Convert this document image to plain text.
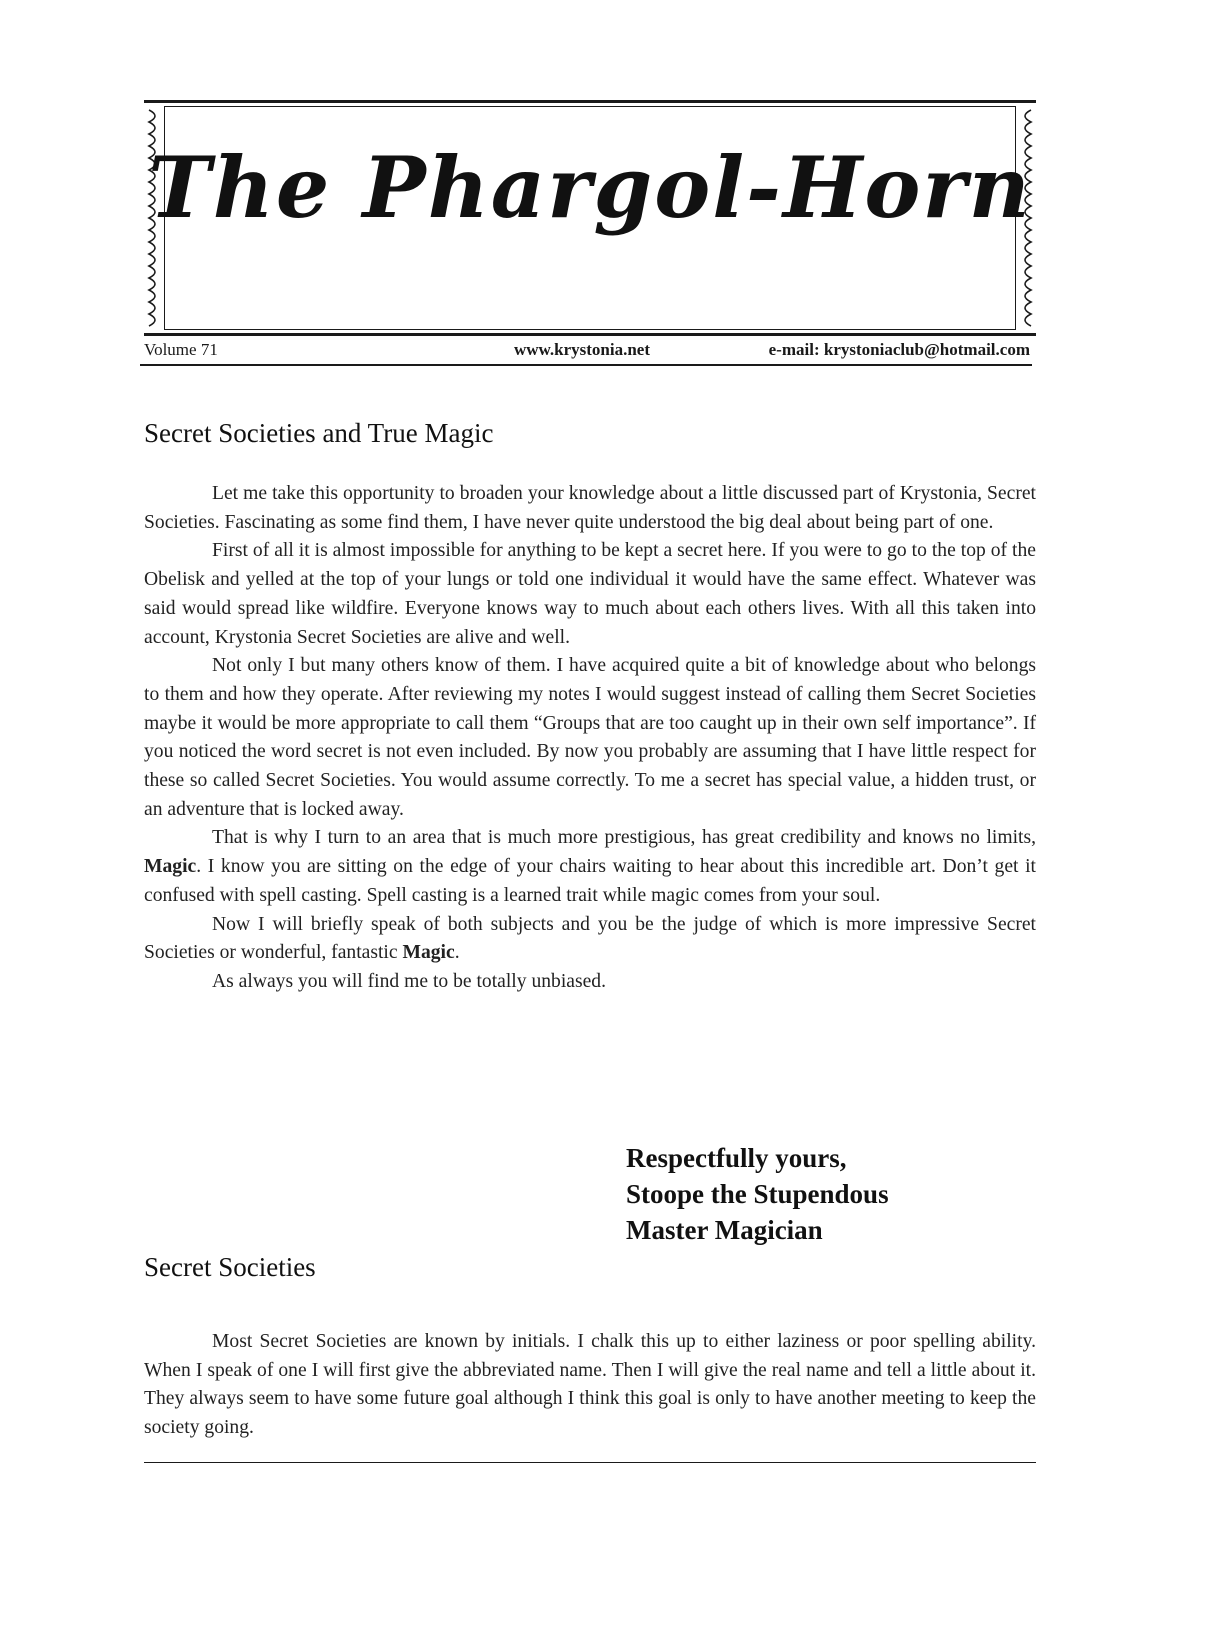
The Phargol-Horn
Volume 71	www.krystonia.net	e-mail: krystoniaclub@hotmail.com
Secret Societies and True Magic

Let me take this opportunity to broaden your knowledge about a little discussed part of Krystonia, Secret Societies. Fascinating as some find them, I have never quite understood the big deal about being part of one.

First of all it is almost impossible for anything to be kept a secret here. If you were to go to the top of the Obelisk and yelled at the top of your lungs or told one individual it would have the same effect. Whatever was said would spread like wildfire. Everyone knows way to much about each others lives. With all this taken into account, Krystonia Secret Societies are alive and well.

Not only I but many others know of them. I have acquired quite a bit of knowledge about who belongs to them and how they operate. After reviewing my notes I would suggest instead of calling them Secret Societies maybe it would be more appropriate to call them “Groups that are too caught up in their own self importance”. If you noticed the word secret is not even included. By now you probably are assuming that I have little respect for these so called Secret Societies. You would assume correctly. To me a secret has special value, a hidden trust, or an adventure that is locked away.

That is why I turn to an area that is much more prestigious, has great credibility and knows no limits, Magic. I know you are sitting on the edge of your chairs waiting to hear about this incredible art. Don’t get it confused with spell casting. Spell casting is a learned trait while magic comes from your soul.

Now I will briefly speak of both subjects and you be the judge of which is more impressive Secret Societies or wonderful, fantastic Magic.

As always you will find me to be totally unbiased.

Respectfully yours,
Stoope the Stupendous
Master Magician
Secret Societies

Most Secret Societies are known by initials. I chalk this up to either laziness or poor spelling ability. When I speak of one I will first give the abbreviated name. Then I will give the real name and tell a little about it. They always seem to have some future goal although I think this goal is only to have another meeting to keep the society going.
